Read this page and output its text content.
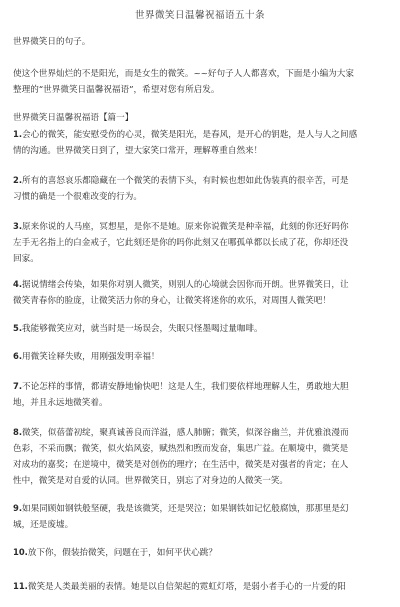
世界微笑日温馨祝福语五十条
世界微笑日的句子。
使这个世界灿烂的不是阳光，而是女生的微笑。~~好句子人人都喜欢，下面是小编为大家
整理的“世界微笑日温馨祝福语”，希望对您有所启发。
世界微笑日温馨祝福语【篇一】
1.会心的微笑，能安慰受伤的心灵，微笑是阳光，是春风，是开心的钥匙，是人与人之间感
情的沟通。世界微笑日到了，望大家笑口常开，理解尊重自然来！
2.所有的喜怒哀乐都隐藏在一个微笑的表情下头，有时候也想如此伪装真的很辛苦，可是
习惯的确是一个很难改变的行为。
3.原来你说的人马座，冥想星，是你不是她。原来你说微笑是种幸福，此刻的你还好吗你
左手无名指上的白金戒子，它此刻还是你的吗你此刻又在哪孤单都以长成了花，你却还没
回家。
4.据说情绪会传染，如果你对别人微笑，则别人的心境就会因你而开朗。世界微笑日，让
微笑青春你的脸庞，让微笑活力你的身心，让微笑将迷你的欢乐，对周围人微笑吧！
5.我能够微笑应对，就当时是一场误会，失眠只怪墨喝过量咖啡。
6.用微笑诠释失败，用刚强发明幸福！
7.不论怎样的事情，都请安静地愉快吧！这是人生，我们要依样地理解人生，勇敢地大胆
地，并且永远地微笑着。
8.微笑，似蓓蕾初绽，聚真诚善良而洋溢，感人肺腑；微笑，似深谷幽兰，并优雅浪漫而
色彩，不采而飘；微笑，似火焰风姿，赋热烈和煦而发奋，集思广益。在顺境中，微笑是
对成功的嘉奖；在逆境中，微笑是对创伤的理疗；在生活中，微笑是对强者的肯定；在人
性中，微笑是对自爱的认同。世界微笑日，别忘了对身边的人微笑一笑。
9.如果同顾如钢铁般坚硬，我是该微笑，还是哭泣；如果钢铁如记忆般腐蚀，那那里是幻
城，还是废墟。
10.放下你，假装抬微笑，问题在于，如何平伏心跳？
11.微笑是人类最美丽的表情。她是以自信架起的霓虹灯塔，是弱小者手心的一片爱的阳
